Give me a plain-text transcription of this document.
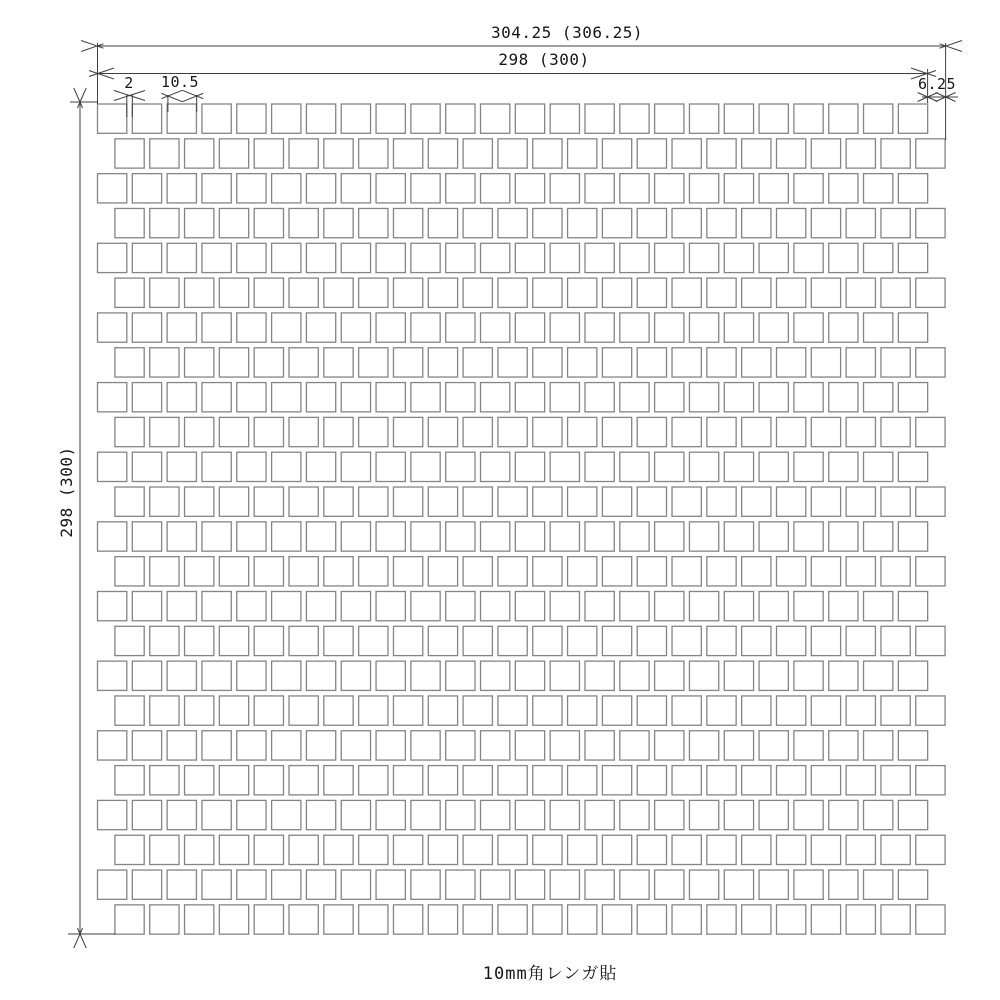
304.25 (306.25)
298 (300)
2 10.5	6.25
298 (300)
10mm角レンガ貼
